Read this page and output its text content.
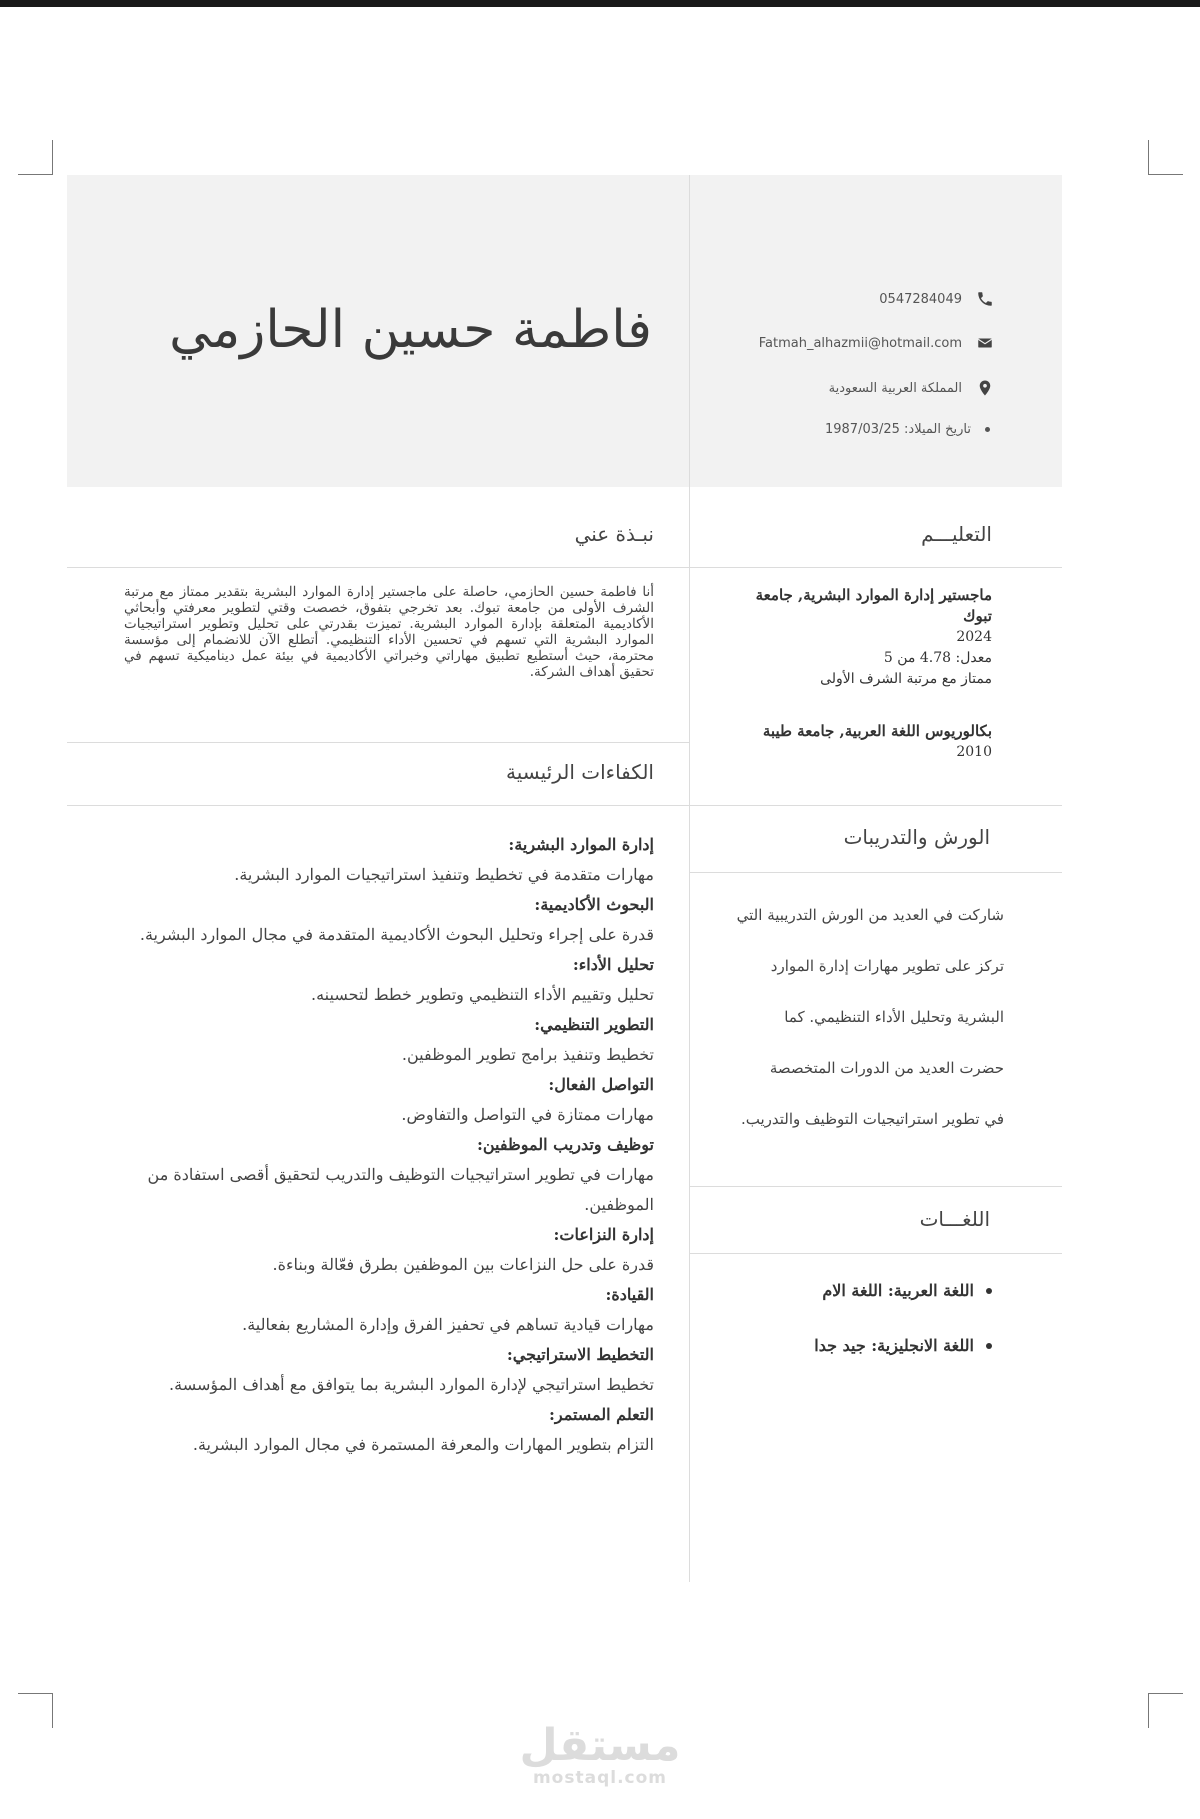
فاطمة حسين الحازمي
0547284049
Fatmah_alhazmii@hotmail.com
المملكة العربية السعودية
تاريخ الميلاد: 1987/03/25
نبـذة عني
أنا فاطمة حسين الحازمي، حاصلة على ماجستير إدارة الموارد البشرية بتقدير ممتاز مع مرتبة الشرف الأولى من جامعة تبوك. بعد تخرجي بتفوق، خصصت وقتي لتطوير معرفتي وأبحاثي الأكاديمية المتعلقة بإدارة الموارد البشرية. تميزت بقدرتي على تحليل وتطوير استراتيجيات الموارد البشرية التي تسهم في تحسين الأداء التنظيمي. أتطلع الآن للانضمام إلى مؤسسة محترمة، حيث أستطيع تطبيق مهاراتي وخبراتي الأكاديمية في بيئة عمل ديناميكية تسهم في تحقيق أهداف الشركة.
الكفاءات الرئيسية
إدارة الموارد البشرية:
مهارات متقدمة في تخطيط وتنفيذ استراتيجيات الموارد البشرية.
البحوث الأكاديمية:
قدرة على إجراء وتحليل البحوث الأكاديمية المتقدمة في مجال الموارد البشرية.
تحليل الأداء:
تحليل وتقييم الأداء التنظيمي وتطوير خطط لتحسينه.
التطوير التنظيمي:
تخطيط وتنفيذ برامج تطوير الموظفين.
التواصل الفعال:
مهارات ممتازة في التواصل والتفاوض.
توظيف وتدريب الموظفين:
مهارات في تطوير استراتيجيات التوظيف والتدريب لتحقيق أقصى استفادة من الموظفين.
إدارة النزاعات:
قدرة على حل النزاعات بين الموظفين بطرق فعّالة وبناءة.
القيادة:
مهارات قيادية تساهم في تحفيز الفرق وإدارة المشاريع بفعالية.
التخطيط الاستراتيجي:
تخطيط استراتيجي لإدارة الموارد البشرية بما يتوافق مع أهداف المؤسسة.
التعلم المستمر:
التزام بتطوير المهارات والمعرفة المستمرة في مجال الموارد البشرية.
التعليـــم
ماجستير إدارة الموارد البشرية, جامعة تبوك
2024
معدل: 4.78 من 5
ممتاز مع مرتبة الشرف الأولى
بكالوريوس اللغة العربية, جامعة طيبة
2010
الورش والتدريبات
شاركت في العديد من الورش التدريبية التي
تركز على تطوير مهارات إدارة الموارد
البشرية وتحليل الأداء التنظيمي. كما
حضرت العديد من الدورات المتخصصة
في تطوير استراتيجيات التوظيف والتدريب.
اللغـــات
اللغة العربية: اللغة الام
اللغة الانجليزية: جيد جدا
مستقل
mostaql.com
